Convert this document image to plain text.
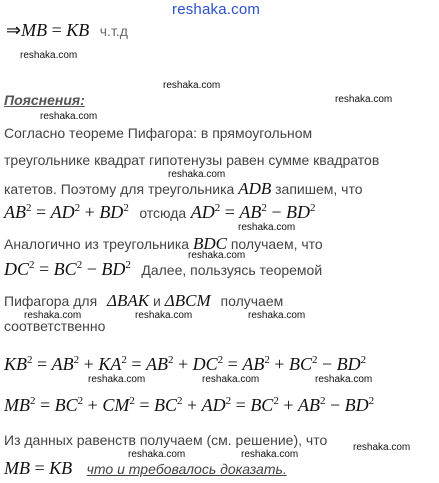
reshaka.com
⇒MB = KB ч.т.д
reshaka.com
reshaka.com
Пояснения:	reshaka.com
reshaka.com
Согласно теореме Пифагора: в прямоугольном
треугольнике квадрат гипотенузы равен сумме квадратов
reshaka.com
катетов. Поэтому для треугольника ADB запишем, что
$AB^2 = AD^2 + BD^2$ отсюда $AD^2 = AB^2 - BD^2$
reshaka.com
Аналогично из треугольника BDC получаем, что
reshaka.com
$DC^2 = BC^2 - BD^2$ Далее, пользуясь теоремой
Пифагора для ΔBAK и ΔBCM получаем
reshaka.com	reshaka.com	reshaka.com
соответственно
$KB^2 = AB^2 + KA^2 = AB^2 + DC^2 = AB^2 + BC^2 - BD^2$
reshaka.com	reshaka.com	reshaka.com
$MB^2 = BC^2 + CM^2 = BC^2 + AD^2 = BC^2 + AB^2 - BD^2$
Из данных равенств получаем (см. решение), что	reshaka.com
reshaka.com	reshaka.com
MB = KB что и требовалось доказать.
